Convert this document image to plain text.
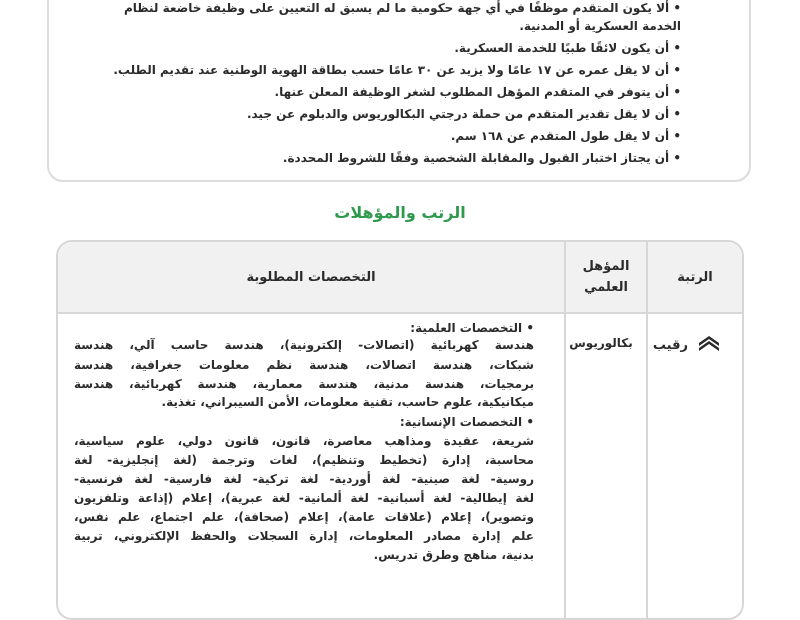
• ألا يكون المتقدم موظفًا في أي جهة حكومية ما لم يسبق له التعيين على وظيفة خاضعة لنظام
الخدمة العسكرية أو المدنية.
• أن يكون لائقًا طبيًا للخدمة العسكرية.
• أن لا يقل عمره عن ١٧ عامًا ولا يزيد عن ٣٠ عامًا حسب بطاقة الهوية الوطنية عند تقديم الطلب.
• أن يتوفر في المتقدم المؤهل المطلوب لشغر الوظيفة المعلن عنها.
• أن لا يقل تقدير المتقدم من حملة درجتي البكالوريوس والدبلوم عن جيد.
• أن لا يقل طول المتقدم عن ١٦٨ سم.
• أن يجتاز اختبار القبول والمقابلة الشخصية وفقًا للشروط المحددة.
الرتب والمؤهلات
الرتبة
المؤهل العلمي
التخصصات المطلوبة
رقيب
بكالوريوس
• التخصصات العلمية:
هندسة كهربائية (اتصالات- إلكترونية)، هندسة حاسب آلي، هندسة
شبكات، هندسة اتصالات، هندسة نظم معلومات جغرافية، هندسة
برمجيات، هندسة مدنية، هندسة معمارية، هندسة كهربائية، هندسة
ميكانيكية، علوم حاسب، تقنية معلومات، الأمن السيبراني، تغذية.
• التخصصات الإنسانية:
شريعة، عقيدة ومذاهب معاصرة، قانون، قانون دولي، علوم سياسية،
محاسبة، إدارة (تخطيط وتنظيم)، لغات وترجمة (لغة إنجليزية- لغة
روسية- لغة صينية- لغة أوردية- لغة تركية- لغة فارسية- لغة فرنسية-
لغة إيطالية- لغة أسبانية- لغة ألمانية- لغة عبرية)، إعلام (إذاعة وتلفزيون
وتصوير)، إعلام (علاقات عامة)، إعلام (صحافة)، علم اجتماع، علم نفس،
علم إدارة مصادر المعلومات، إدارة السجلات والحفظ الإلكتروني، تربية
بدنية، مناهج وطرق تدريس.
